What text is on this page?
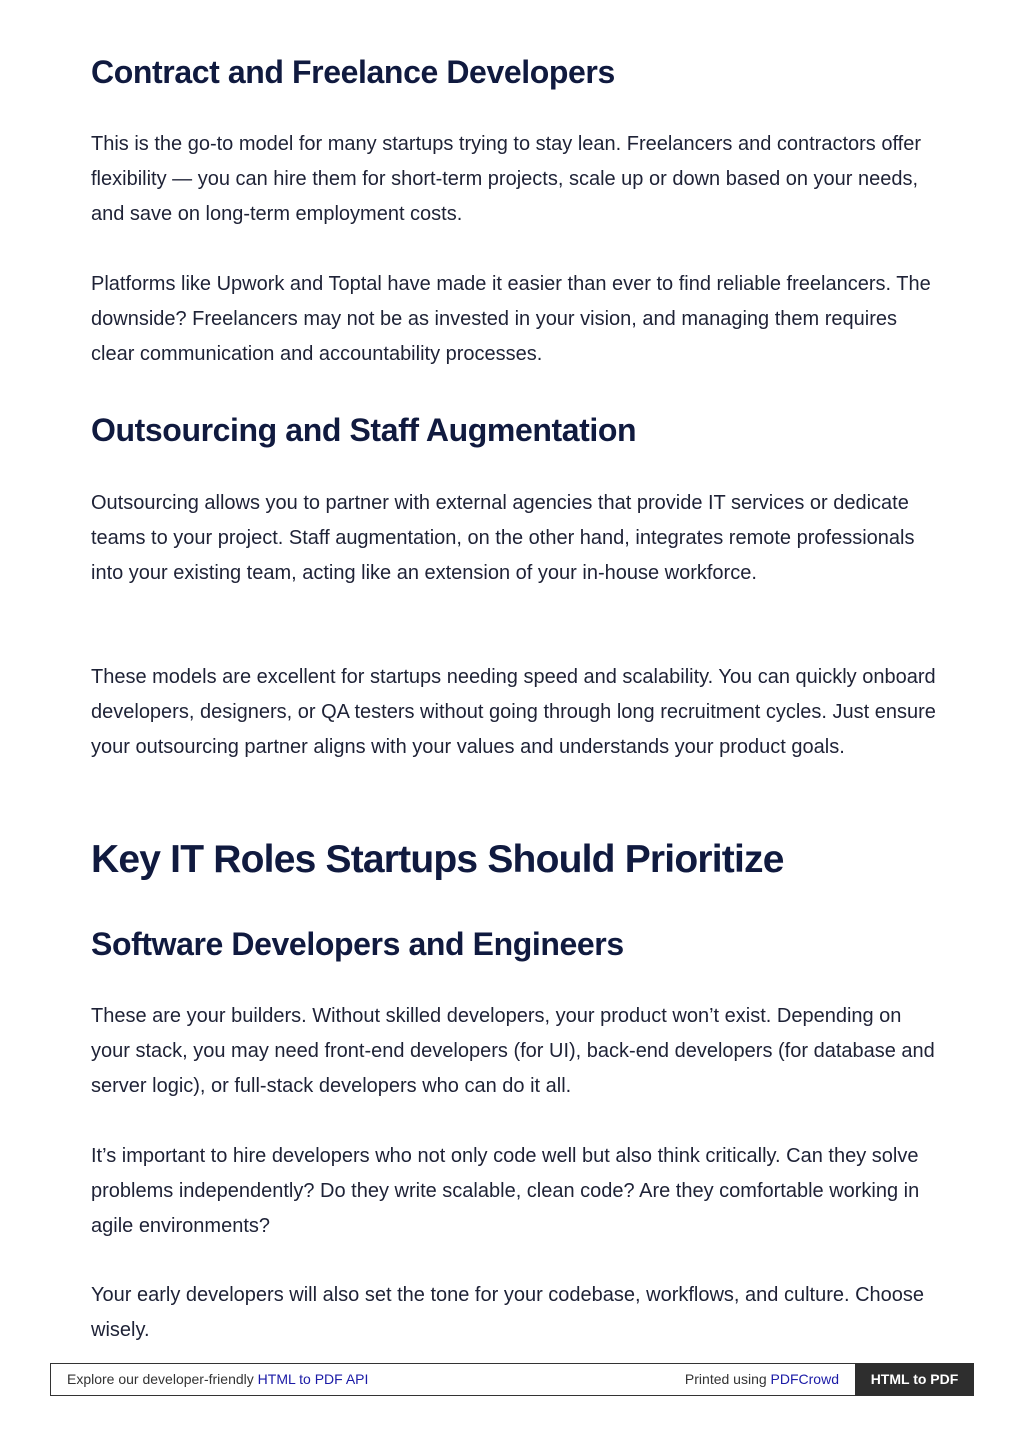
Contract and Freelance Developers

This is the go-to model for many startups trying to stay lean. Freelancers and contractors offer flexibility — you can hire them for short-term projects, scale up or down based on your needs, and save on long-term employment costs.

Platforms like Upwork and Toptal have made it easier than ever to find reliable freelancers. The downside? Freelancers may not be as invested in your vision, and managing them requires clear communication and accountability processes.

Outsourcing and Staff Augmentation

Outsourcing allows you to partner with external agencies that provide IT services or dedicate teams to your project. Staff augmentation, on the other hand, integrates remote professionals into your existing team, acting like an extension of your in-house workforce.

These models are excellent for startups needing speed and scalability. You can quickly onboard developers, designers, or QA testers without going through long recruitment cycles. Just ensure your outsourcing partner aligns with your values and understands your product goals.

Key IT Roles Startups Should Prioritize
Software Developers and Engineers

These are your builders. Without skilled developers, your product won’t exist. Depending on your stack, you may need front-end developers (for UI), back-end developers (for database and server logic), or full-stack developers who can do it all.

It’s important to hire developers who not only code well but also think critically. Can they solve problems independently? Do they write scalable, clean code? Are they comfortable working in agile environments?

Your early developers will also set the tone for your codebase, workflows, and culture. Choose wisely.

Explore our developer-friendly HTML to PDF API	Printed using PDFCrowd	HTML to PDF
